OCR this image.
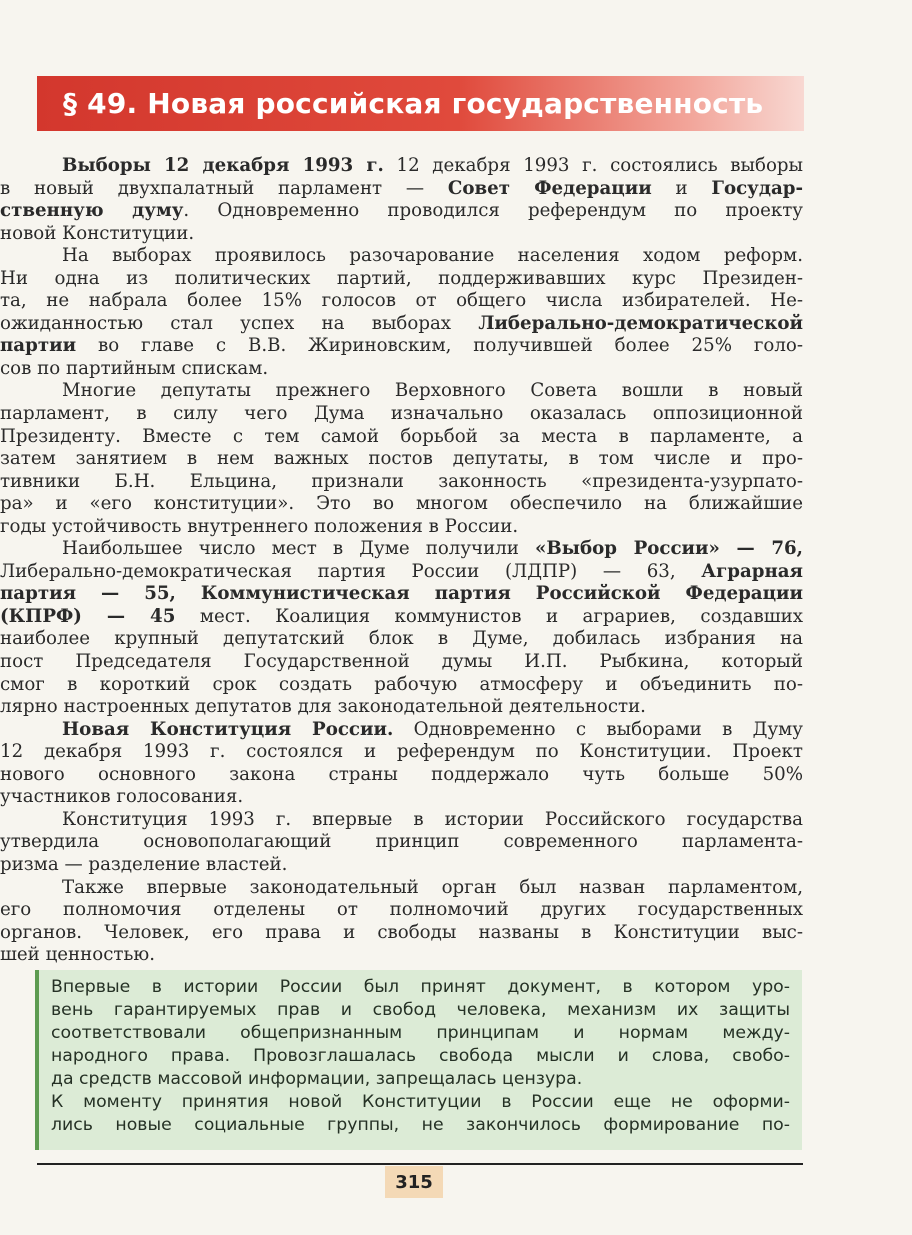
§ 49. Новая российская государственность

Выборы 12 декабря 1993 г. 12 декабря 1993 г. состоялись выборы
в новый двухпалатный парламент — Совет Федерации и Государ-
ственную думу. Одновременно проводился референдум по проекту
новой Конституции.

На выборах проявилось разочарование населения ходом реформ.
Ни одна из политических партий, поддерживавших курс Президен-
та, не набрала более 15% голосов от общего числа избирателей. Не-
ожиданностью стал успех на выборах Либерально-демократической
партии во главе с В.В. Жириновским, получившей более 25% голо-
сов по партийным спискам.

Многие депутаты прежнего Верховного Совета вошли в новый
парламент, в силу чего Дума изначально оказалась оппозиционной
Президенту. Вместе с тем самой борьбой за места в парламенте, а
затем занятием в нем важных постов депутаты, в том числе и про-
тивники Б.Н. Ельцина, признали законность «президента-узурпато-
ра» и «его конституции». Это во многом обеспечило на ближайшие
годы устойчивость внутреннего положения в России.

Наибольшее число мест в Думе получили «Выбор России» — 76,
Либерально-демократическая партия России (ЛДПР) — 63, Аграрная
партия — 55, Коммунистическая партия Российской Федерации
(КПРФ) — 45 мест. Коалиция коммунистов и аграриев, создавших
наиболее крупный депутатский блок в Думе, добилась избрания на
пост Председателя Государственной думы И.П. Рыбкина, который
смог в короткий срок создать рабочую атмосферу и объединить по-
лярно настроенных депутатов для законодательной деятельности.

Новая Конституция России. Одновременно с выборами в Думу
12 декабря 1993 г. состоялся и референдум по Конституции. Проект
нового основного закона страны поддержало чуть больше 50%
участников голосования.

Конституция 1993 г. впервые в истории Российского государства
утвердила основополагающий принцип современного парламента-
ризма — разделение властей.

Также впервые законодательный орган был назван парламентом,
его полномочия отделены от полномочий других государственных
органов. Человек, его права и свободы названы в Конституции выс-
шей ценностью.

315
Впервые в истории России был принят документ, в котором уро-
вень гарантируемых прав и свобод человека, механизм их защиты
соответствовали общепризнанным принципам и нормам между-
народного права. Провозглашалась свобода мысли и слова, свобо-
да средств массовой информации, запрещалась цензура.
К моменту принятия новой Конституции в России еще не оформи-
лись новые социальные группы, не закончилось формирование по-
